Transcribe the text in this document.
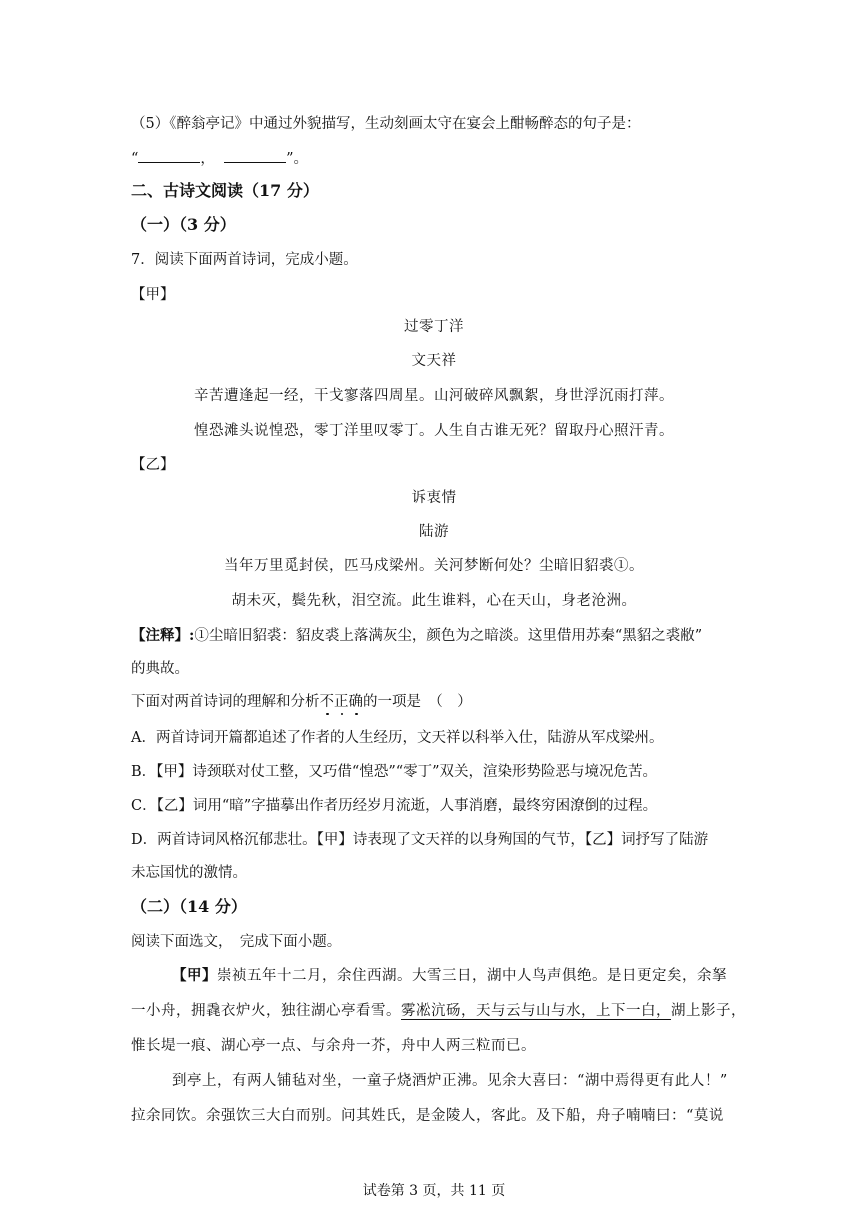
（5）《醉翁亭记》中通过外貌描写，生动刻画太守在宴会上酣畅醉态的句子是：
“	，	”。
二、古诗文阅读（17 分）
（一）（3 分）
7．阅读下面两首诗词，完成小题。
【甲】
过零丁洋
文天祥
辛苦遭逢起一经，干戈寥落四周星。山河破碎风飘絮，身世浮沉雨打萍。
惶恐滩头说惶恐，零丁洋里叹零丁。人生自古谁无死？留取丹心照汗青。
【乙】
诉衷情
陆游
当年万里觅封侯，匹马戍梁州。关河梦断何处？尘暗旧貂裘①。
胡未灭，鬓先秋，泪空流。此生谁料，心在天山，身老沧洲。
【注释】:①尘暗旧貂裘：貂皮裘上落满灰尘，颜色为之暗淡。这里借用苏秦“黑貂之裘敝”
的典故。
下面对两首诗词的理解和分析不正确的一项是　（　）
A．两首诗词开篇都追述了作者的人生经历，文天祥以科举入仕，陆游从军戍梁州。
B．【甲】诗颈联对仗工整，又巧借“惶恐”“零丁”双关，渲染形势险恶与境况危苦。
C．【乙】词用“暗”字描摹出作者历经岁月流逝，人事消磨，最终穷困潦倒的过程。
D．两首诗词风格沉郁悲壮。【甲】诗表现了文天祥的以身殉国的气节，【乙】词抒写了陆游
未忘国忧的激情。
（二）（14 分）
阅读下面选文，　完成下面小题。
【甲】崇祯五年十二月，余住西湖。大雪三日，湖中人鸟声俱绝。是日更定矣，余拏
一小舟，拥毳衣炉火，独往湖心亭看雪。雾凇沆砀，天与云与山与水，上下一白，湖上影子，
惟长堤一痕、湖心亭一点、与余舟一芥，舟中人两三粒而已。
到亭上，有两人铺毡对坐，一童子烧酒炉正沸。见余大喜曰：“湖中焉得更有此人！”
拉余同饮。余强饮三大白而别。问其姓氏，是金陵人，客此。及下船，舟子喃喃曰：“莫说
试卷第 3 页，共 11 页
